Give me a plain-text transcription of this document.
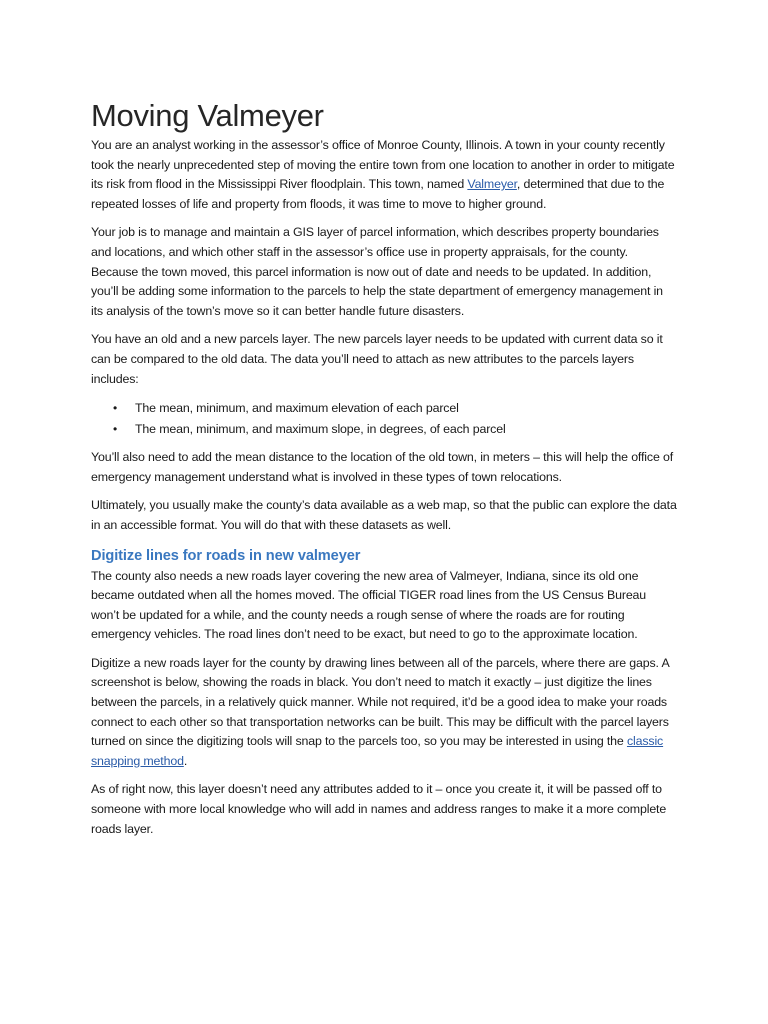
Moving Valmeyer

You are an analyst working in the assessor’s office of Monroe County, Illinois. A town in your county recently took the nearly unprecedented step of moving the entire town from one location to another in order to mitigate its risk from flood in the Mississippi River floodplain. This town, named Valmeyer, determined that due to the repeated losses of life and property from floods, it was time to move to higher ground.

Your job is to manage and maintain a GIS layer of parcel information, which describes property boundaries and locations, and which other staff in the assessor’s office use in property appraisals, for the county. Because the town moved, this parcel information is now out of date and needs to be updated. In addition, you’ll be adding some information to the parcels to help the state department of emergency management in its analysis of the town’s move so it can better handle future disasters.

You have an old and a new parcels layer. The new parcels layer needs to be updated with current data so it can be compared to the old data. The data you’ll need to attach as new attributes to the parcels layers includes:

• The mean, minimum, and maximum elevation of each parcel
• The mean, minimum, and maximum slope, in degrees, of each parcel

You’ll also need to add the mean distance to the location of the old town, in meters – this will help the office of emergency management understand what is involved in these types of town relocations.

Ultimately, you usually make the county’s data available as a web map, so that the public can explore the data in an accessible format. You will do that with these datasets as well.

Digitize lines for roads in new valmeyer

The county also needs a new roads layer covering the new area of Valmeyer, Indiana, since its old one became outdated when all the homes moved. The official TIGER road lines from the US Census Bureau won’t be updated for a while, and the county needs a rough sense of where the roads are for routing emergency vehicles. The road lines don’t need to be exact, but need to go to the approximate location.

Digitize a new roads layer for the county by drawing lines between all of the parcels, where there are gaps. A screenshot is below, showing the roads in black. You don’t need to match it exactly – just digitize the lines between the parcels, in a relatively quick manner. While not required, it’d be a good idea to make your roads connect to each other so that transportation networks can be built. This may be difficult with the parcel layers turned on since the digitizing tools will snap to the parcels too, so you may be interested in using the classic snapping method.

As of right now, this layer doesn’t need any attributes added to it – once you create it, it will be passed off to someone with more local knowledge who will add in names and address ranges to make it a more complete roads layer.
